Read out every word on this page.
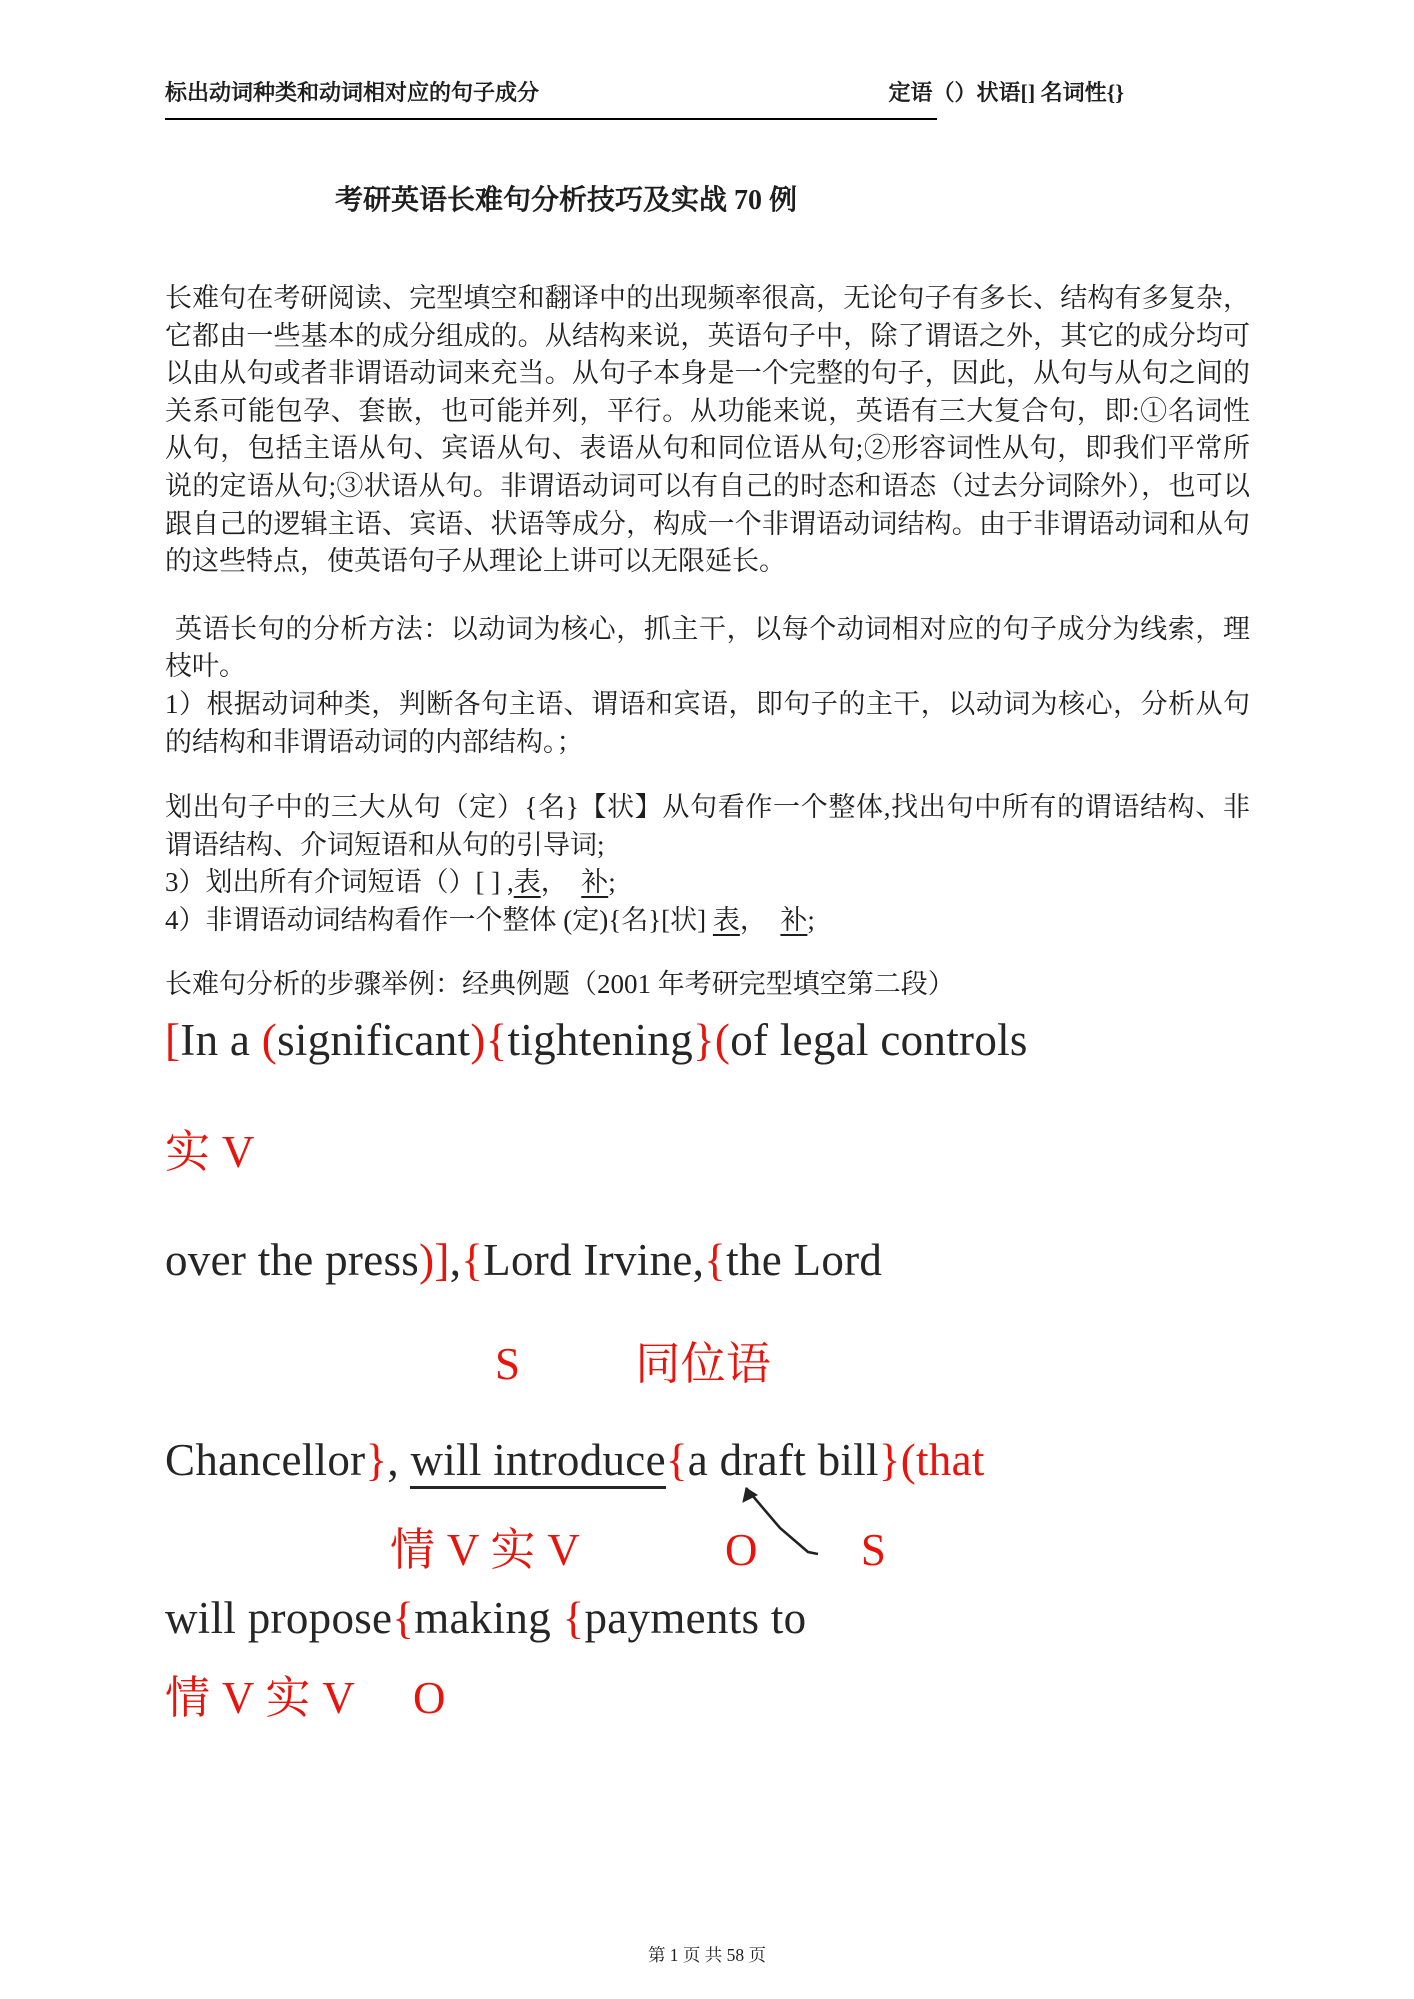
标出动词种类和动词相对应的句子成分	定语（）状语[] 名词性{}
考研英语长难句分析技巧及实战 70 例

长难句在考研阅读、完型填空和翻译中的出现频率很高，无论句子有多长、结构有多复杂，它都由一些基本的成分组成的。从结构来说，英语句子中，除了谓语之外，其它的成分均可以由从句或者非谓语动词来充当。从句子本身是一个完整的句子，因此，从句与从句之间的关系可能包孕、套嵌，也可能并列，平行。从功能来说，英语有三大复合句，即:①名词性从句，包括主语从句、宾语从句、表语从句和同位语从句;②形容词性从句，即我们平常所说的定语从句;③状语从句。非谓语动词可以有自己的时态和语态（过去分词除外），也可以跟自己的逻辑主语、宾语、状语等成分，构成一个非谓语动词结构。由于非谓语动词和从句的这些特点，使英语句子从理论上讲可以无限延长。

英语长句的分析方法：以动词为核心，抓主干，以每个动词相对应的句子成分为线索，理枝叶。

1）根据动词种类，判断各句主语、谓语和宾语，即句子的主干，以动词为核心，分析从句的结构和非谓语动词的内部结构。；

划出句子中的三大从句（定）{名}【状】从句看作一个整体,找出句中所有的谓语结构、非谓语结构、介词短语和从句的引导词;

3）划出所有介词短语（）[ ] ,表，　补;

4）非谓语动词结构看作一个整体 (定){名}[状] 表，　补;

长难句分析的步骤举例：经典例题（2001 年考研完型填空第二段）

[In a (significant){tightening}(of legal controls
实 V
over the press)],{Lord Irvine,{the Lord
S	同位语
Chancellor}, will introduce{a draft bill}(that
情 V 实 V	O S
will propose{making {payments to
情 V 实 V O
第 1 页 共 58 页
